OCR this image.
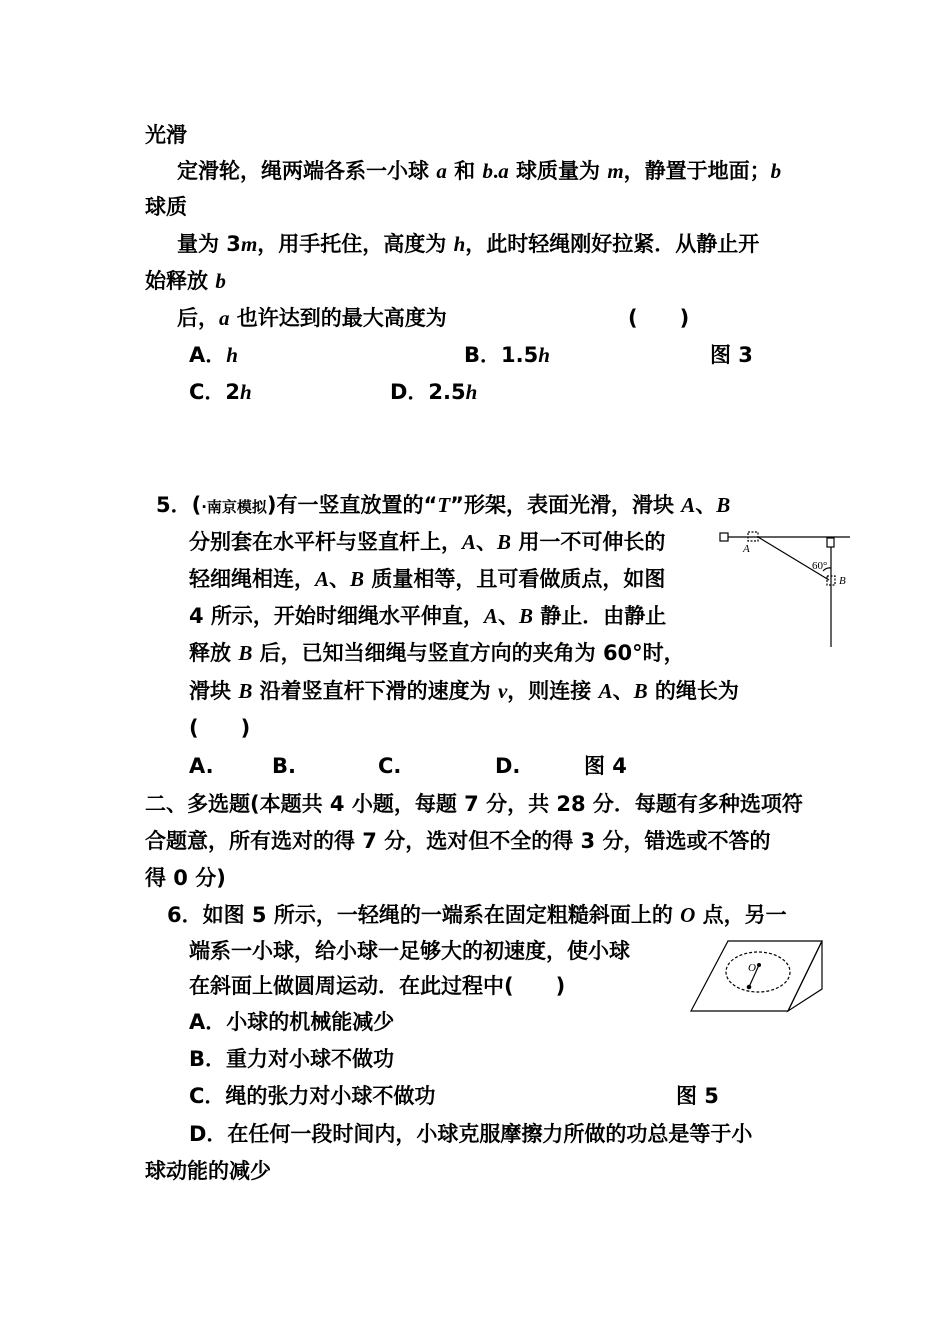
光滑
定滑轮，绳两端各系一小球 a 和 b.a 球质量为 m，静置于地面；b
球质
量为 3m，用手托住，高度为 h，此时轻绳刚好拉紧．从静止开
始释放 b
后，a 也许达到的最大高度为	(　　)
A．h	B．1.5h	图 3
C．2h	D．2.5h
5．(·南京模拟)有一竖直放置的“T”形架，表面光滑，滑块 A、B
分别套在水平杆与竖直杆上，A、B 用一不可伸长的
轻细绳相连，A、B 质量相等，且可看做质点，如图
4 所示，开始时细绳水平伸直，A、B 静止．由静止
释放 B 后，已知当细绳与竖直方向的夹角为 60°时，
滑块 B 沿着竖直杆下滑的速度为 v，则连接 A、B 的绳长为
(　　)
A.	B.	C.	D.	图 4
A
B
60°
二、多选题(本题共 4 小题，每题 7 分，共 28 分．每题有多种选项符
合题意，所有选对的得 7 分，选对但不全的得 3 分，错选或不答的
得 0 分)
6．如图 5 所示，一轻绳的一端系在固定粗糙斜面上的 O 点，另一
端系一小球，给小球一足够大的初速度，使小球
在斜面上做圆周运动．在此过程中(　　)
A．小球的机械能减少
B．重力对小球不做功
C．绳的张力对小球不做功	图 5
D．在任何一段时间内，小球克服摩擦力所做的功总是等于小
球动能的减少
O
